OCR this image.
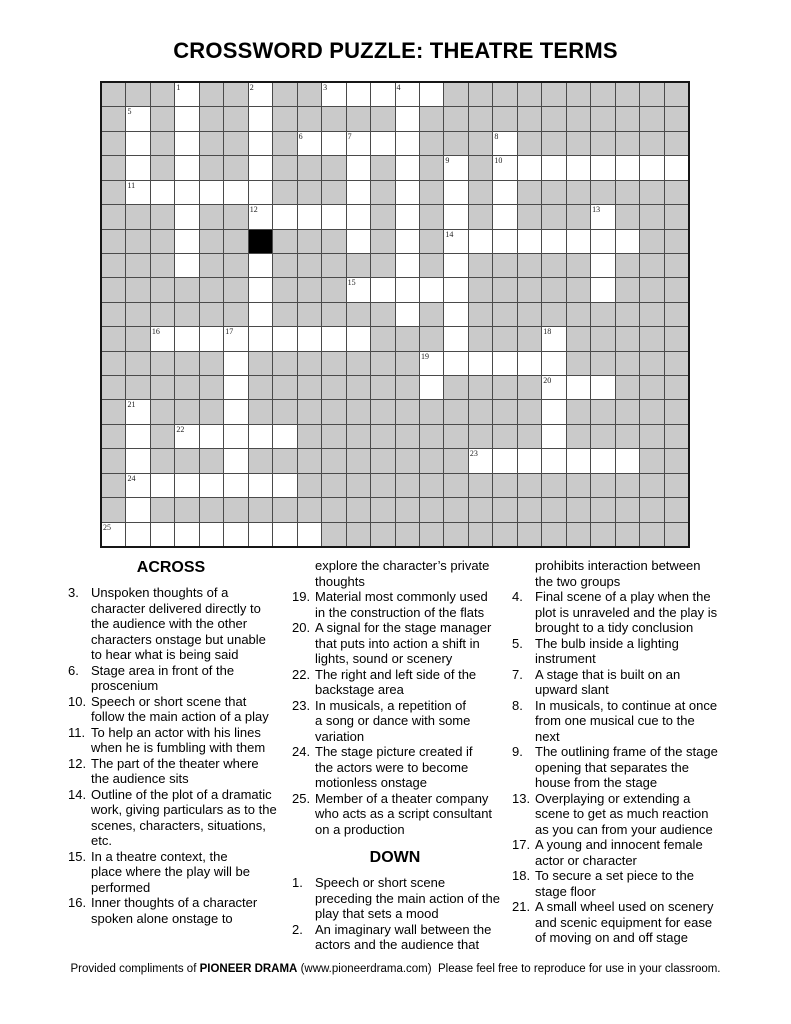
CROSSWORD PUZZLE: THEATRE TERMS
1	2	3	4
5
6	7	8
9	10
11
12	13
14
15
16	17	18
19
20
21
22
23
24
25
ACROSS
3. Unspoken thoughts of a
character delivered directly to
the audience with the other
characters onstage but unable
to hear what is being said
6. Stage area in front of the
proscenium
10. Speech or short scene that
follow the main action of a play
11. To help an actor with his lines
when he is fumbling with them
12. The part of the theater where
the audience sits
14. Outline of the plot of a dramatic
work, giving particulars as to the
scenes, characters, situations,
etc.
15. In a theatre context, the
place where the play will be
performed
16. Inner thoughts of a character
spoken alone onstage to
explore the character’s private
thoughts
19. Material most commonly used
in the construction of the flats
20. A signal for the stage manager
that puts into action a shift in
lights, sound or scenery
22. The right and left side of the
backstage area
23. In musicals, a repetition of
a song or dance with some
variation
24. The stage picture created if
the actors were to become
motionless onstage
25. Member of a theater company
who acts as a script consultant
on a production
DOWN
1. Speech or short scene
preceding the main action of the
play that sets a mood
2. An imaginary wall between the
actors and the audience that
prohibits interaction between
the two groups
4. Final scene of a play when the
plot is unraveled and the play is
brought to a tidy conclusion
5. The bulb inside a lighting
instrument
7. A stage that is built on an
upward slant
8. In musicals, to continue at once
from one musical cue to the
next
9. The outlining frame of the stage
opening that separates the
house from the stage
13. Overplaying or extending a
scene to get as much reaction
as you can from your audience
17. A young and innocent female
actor or character
18. To secure a set piece to the
stage floor
21. A small wheel used on scenery
and scenic equipment for ease
of moving on and off stage
Provided compliments of PIONEER DRAMA (www.pioneerdrama.com)  Please feel free to reproduce for use in your classroom.
